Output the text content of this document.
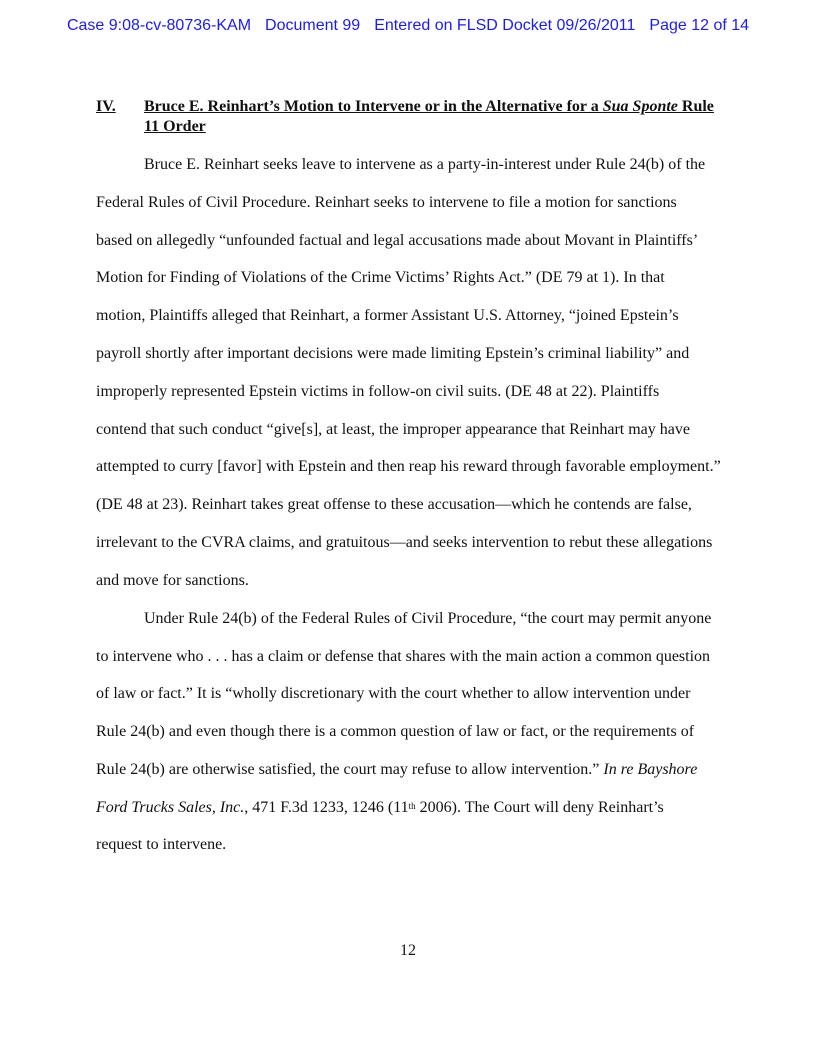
Case 9:08-cv-80736-KAM Document 99 Entered on FLSD Docket 09/26/2011 Page 12 of 14
IV. Bruce E. Reinhart’s Motion to Intervene or in the Alternative for a Sua Sponte Rule 11 Order
Bruce E. Reinhart seeks leave to intervene as a party-in-interest under Rule 24(b) of the
Federal Rules of Civil Procedure. Reinhart seeks to intervene to file a motion for sanctions
based on allegedly “unfounded factual and legal accusations made about Movant in Plaintiffs’
Motion for Finding of Violations of the Crime Victims’ Rights Act.” (DE 79 at 1). In that
motion, Plaintiffs alleged that Reinhart, a former Assistant U.S. Attorney, “joined Epstein’s
payroll shortly after important decisions were made limiting Epstein’s criminal liability” and
improperly represented Epstein victims in follow-on civil suits. (DE 48 at 22). Plaintiffs
contend that such conduct “give[s], at least, the improper appearance that Reinhart may have
attempted to curry [favor] with Epstein and then reap his reward through favorable employment.”
(DE 48 at 23). Reinhart takes great offense to these accusation—which he contends are false,
irrelevant to the CVRA claims, and gratuitous—and seeks intervention to rebut these allegations
and move for sanctions.
Under Rule 24(b) of the Federal Rules of Civil Procedure, “the court may permit anyone
to intervene who . . . has a claim or defense that shares with the main action a common question
of law or fact.” It is “wholly discretionary with the court whether to allow intervention under
Rule 24(b) and even though there is a common question of law or fact, or the requirements of
Rule 24(b) are otherwise satisfied, the court may refuse to allow intervention.” In re Bayshore
Ford Trucks Sales, Inc., 471 F.3d 1233, 1246 (11th 2006). The Court will deny Reinhart’s
request to intervene.
12
